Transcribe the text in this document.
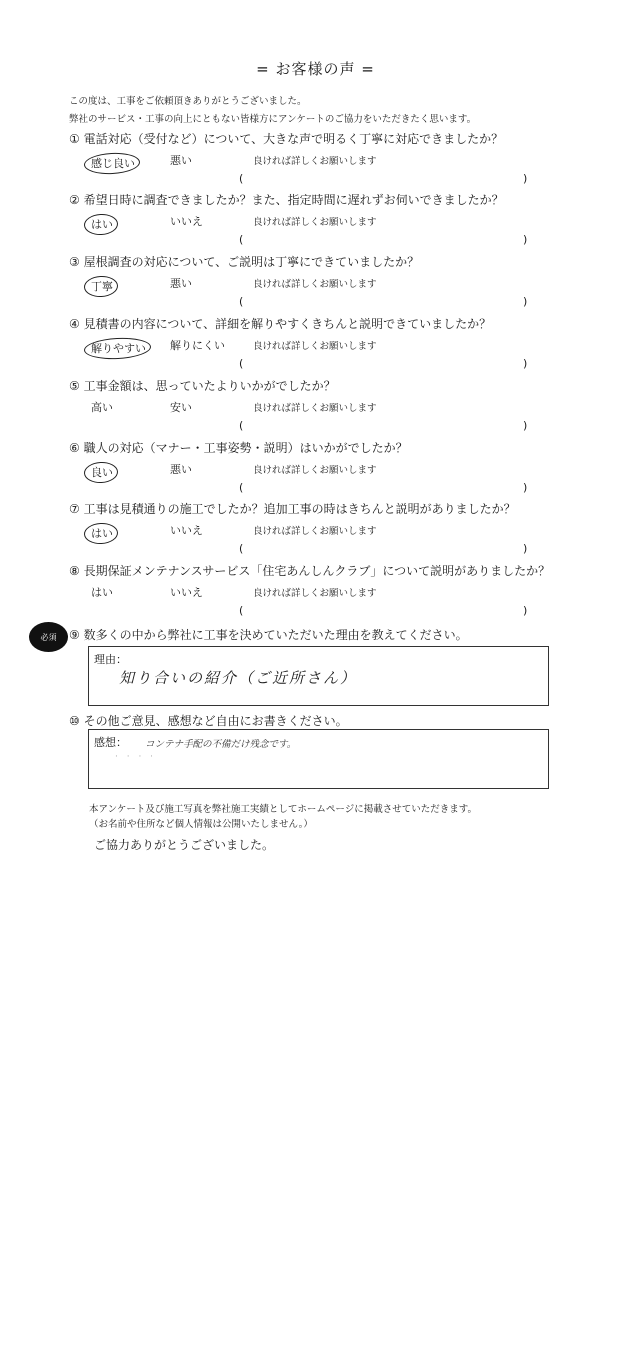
= お客様の声 =
この度は、工事をご依頼頂きありがとうございました。
弊社のサービス・工事の向上にともない皆様方にアンケートのご協力をいただきたく思います。
① 電話対応（受付など）について、大きな声で明るく丁寧に対応できましたか？
$_{感じ良い}$	悪い	良ければ詳しくお願いします
(	)
② 希望日時に調査できましたか？また、指定時間に遅れずお伺いできましたか？
$_{はい}$	いいえ	良ければ詳しくお願いします
(	)
③ 屋根調査の対応について、ご説明は丁寧にできていましたか？
$_{丁寧}$	悪い	良ければ詳しくお願いします
(	)
④ 見積書の内容について、詳細を解りやすくきちんと説明できていましたか？
$_{解りやすい}$ 解りにくい	良ければ詳しくお願いします
(	)
⑤ 工事金額は、思っていたよりいかがでしたか？
高い	安い	良ければ詳しくお願いします
(	)
⑥ 職人の対応（マナー・工事姿勢・説明）はいかがでしたか？
$_{良い}$	悪い	良ければ詳しくお願いします
(	)
⑦ 工事は見積通りの施工でしたか？追加工事の時はきちんと説明がありましたか？
$_{はい}$	いいえ	良ければ詳しくお願いします
(	)
⑧ 長期保証メンテナンスサービス「住宅あんしんクラブ」について説明がありましたか？
はい	いいえ	良ければ詳しくお願いします
(	)
必須	⑨ 数多くの中から弊社に工事を決めていただいた理由を教えてください。
理由：
知り合いの紹介（ご近所さん）
⑩ その他ご意見、感想など自由にお書きください。
感想： コンテナ手配の不備だけ残念です。
· · · ·
本アンケート及び施工写真を弊社施工実績としてホームページに掲載させていただきます。
（お名前や住所など個人情報は公開いたしません。）
ご協力ありがとうございました。
